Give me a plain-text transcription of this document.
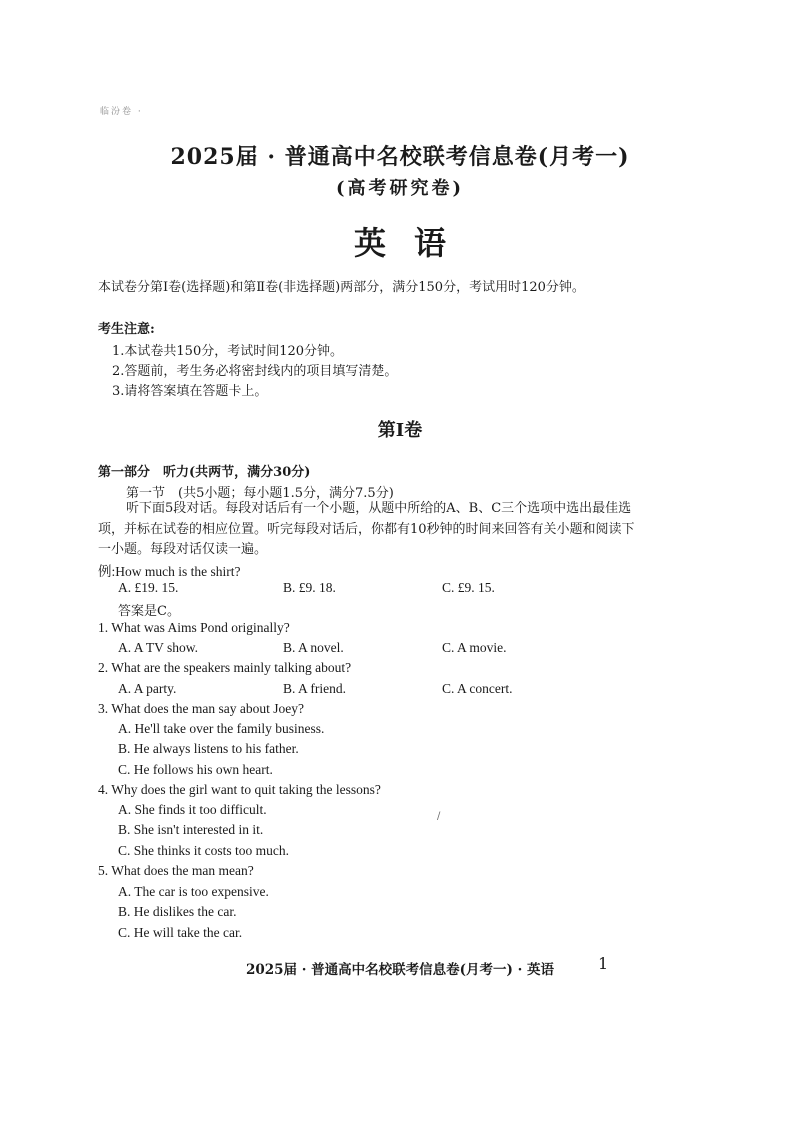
临汾卷 ·
2025届 · 普通高中名校联考信息卷(月考一)
(高考研究卷)
英语
本试卷分第Ⅰ卷(选择题)和第Ⅱ卷(非选择题)两部分，满分150分，考试用时120分钟。
考生注意:
1.本试卷共150分，考试时间120分钟。
2.答题前，考生务必将密封线内的项目填写清楚。
3.请将答案填在答题卡上。
第Ⅰ卷
第一部分　听力(共两节，满分30分)
第一节　(共5小题；每小题1.5分，满分7.5分)
听下面5段对话。每段对话后有一个小题，从题中所给的A、B、C三个选项中选出最佳选项，并标在试卷的相应位置。听完每段对话后，你都有10秒钟的时间来回答有关小题和阅读下一小题。每段对话仅读一遍。
例:How much is the shirt?
A. £19. 15.	B. £9. 18.	C. £9. 15.
答案是C。
1. What was Aims Pond originally?
A. A TV show.	B. A novel.	C. A movie.
2. What are the speakers mainly talking about?
A. A party.	B. A friend.	C. A concert.
3. What does the man say about Joey?
A. He'll take over the family business.
B. He always listens to his father.
C. He follows his own heart.
4. Why does the girl want to quit taking the lessons?
A. She finds it too difficult.
B. She isn't interested in it.
C. She thinks it costs too much.
/
5. What does the man mean?
A. The car is too expensive.
B. He dislikes the car.
C. He will take the car.
2025届 · 普通高中名校联考信息卷(月考一) · 英语	1
